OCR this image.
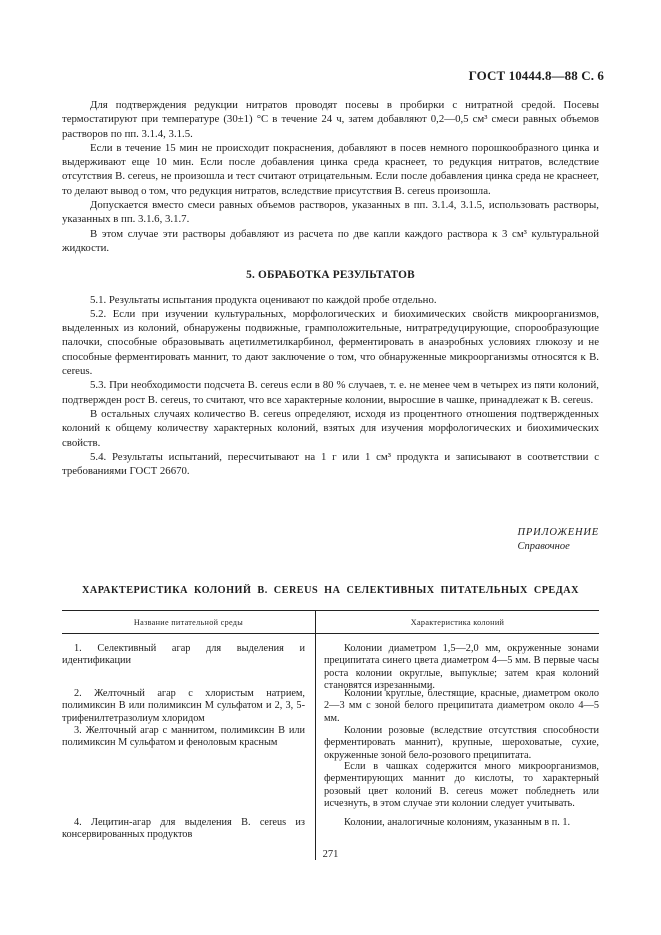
ГОСТ 10444.8—88 С. 6

Для подтверждения редукции нитратов проводят посевы в пробирки с нитратной средой. Посевы термостатируют при температуре (30±1) °С в течение 24 ч, затем добавляют 0,2—0,5 см³ смеси равных объемов растворов по пп. 3.1.4, 3.1.5.

Если в течение 15 мин не происходит покраснения, добавляют в посев немного порошкообразного цинка и выдерживают еще 10 мин. Если после добавления цинка среда краснеет, то редукция нитратов, вследствие отсутствия B. cereus, не произошла и тест считают отрицательным. Если после добавления цинка среда не краснеет, то делают вывод о том, что редукция нитратов, вследствие присутствия B. cereus произошла.

Допускается вместо смеси равных объемов растворов, указанных в пп. 3.1.4, 3.1.5, использовать растворы, указанных в пп. 3.1.6, 3.1.7.

В этом случае эти растворы добавляют из расчета по две капли каждого раствора к 3 см³ культуральной жидкости.

5. ОБРАБОТКА РЕЗУЛЬТАТОВ

5.1. Результаты испытания продукта оценивают по каждой пробе отдельно.

5.2. Если при изучении культуральных, морфологических и биохимических свойств микроорганизмов, выделенных из колоний, обнаружены подвижные, грамположительные, нитратредуцирующие, спорообразующие палочки, способные образовывать ацетилметилкарбинол, ферментировать в анаэробных условиях глюкозу и не способные ферментировать маннит, то дают заключение о том, что обнаруженные микроорганизмы относятся к B. cereus.

5.3. При необходимости подсчета B. cereus если в 80 % случаев, т. е. не менее чем в четырех из пяти колоний, подтвержден рост B. cereus, то считают, что все характерные колонии, выросшие в чашке, принадлежат к B. cereus.

В остальных случаях количество B. cereus определяют, исходя из процентного отношения подтвержденных колоний к общему количеству характерных колоний, взятых для изучения морфологических и биохимических свойств.

5.4. Результаты испытаний, пересчитывают на 1 г или 1 см³ продукта и записывают в соответствии с требованиями ГОСТ 26670.

ПРИЛОЖЕНИЕ
Справочное
ХАРАКТЕРИСТИКА КОЛОНИЙ B. CEREUS НА СЕЛЕКТИВНЫХ ПИТАТЕЛЬНЫХ СРЕДАХ
Название питательной среды	Характеристика колоний
1. Селективный агар для выделения и идентификации
2. Желточный агар с хлористым натрием, полимиксин B или полимиксин M сульфатом и 2, 3, 5-трифенилтетразолиум хлоридом
3. Желточный агар с маннитом, полимиксин B или полимиксин M сульфатом и феноловым красным
4. Лецитин-агар для выделения B. cereus из консервированных продуктов
Колонии диаметром 1,5—2,0 мм, окруженные зонами преципитата синего цвета диаметром 4—5 мм. В первые часы роста колонии округлые, выпуклые; затем края колоний становятся изрезанными.
Колонии круглые, блестящие, красные, диаметром около 2—3 мм с зоной белого преципитата диаметром около 4—5 мм.
Колонии розовые (вследствие отсутствия способности ферментировать маннит), крупные, шероховатые, сухие, окруженные зоной бело-розового преципитата.
Если в чашках содержится много микроорганизмов, ферментирующих маннит до кислоты, то характерный розовый цвет колоний B. cereus может побледнеть или исчезнуть, в этом случае эти колонии следует учитывать.
Колонии, аналогичные колониям, указанным в п. 1.
271
